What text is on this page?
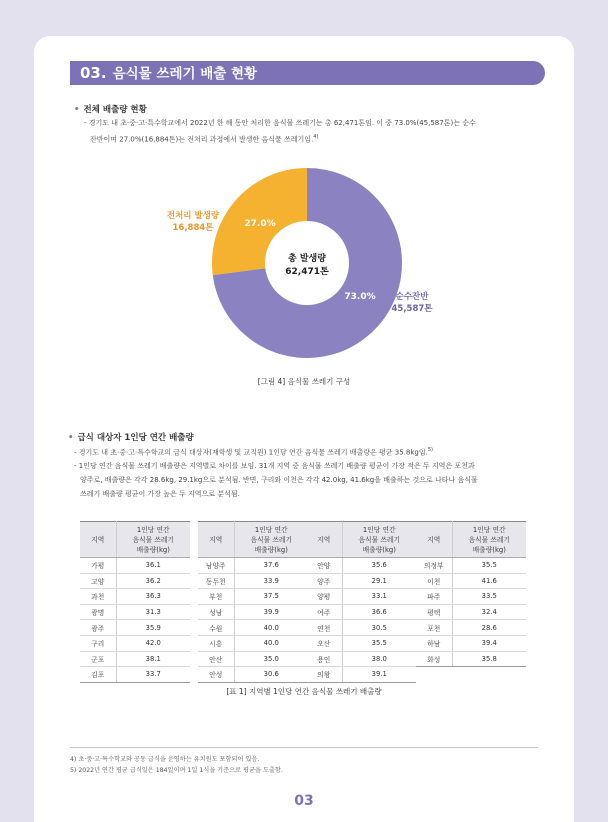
03. 음식물 쓰레기 배출 현황
• 전체 배출량 현황
- 경기도 내 초·중·고·특수학교에서 2022년 한 해 동안 처리한 음식물 쓰레기는 총 62,471톤임. 이 중 73.0%(45,587톤)는 순수
잔반이며 27.0%(16,884톤)는 전처리 과정에서 발생한 음식물 쓰레기임.$^{4)}$
총 발생량
62,471톤
73.0%
27.0%
전처리 발생량
16,884톤
순수잔반
45,587톤
[그림 4] 음식물 쓰레기 구성
• 급식 대상자 1인당 연간 배출량
- 경기도 내 초·중·고·특수학교의 급식 대상자(재학생 및 교직원) 1인당 연간 음식물 쓰레기 배출량은 평균 35.8kg임.$^{5)}$
- 1인당 연간 음식물 쓰레기 배출량은 지역별로 차이를 보임. 31개 지역 중 음식물 쓰레기 배출량 평균이 가장 적은 두 지역은 포천과
양주로, 배출량은 각각 28.6kg, 29.1kg으로 분석됨. 반면, 구리와 이천은 각각 42.0kg, 41.6kg을 배출하는 것으로 나타나 음식물
쓰레기 배출량 평균이 가장 높은 두 지역으로 분석됨.
지역	1인당 연간
음식물 쓰레기
배출량(kg)

가평	36.1
고양	36.2
과천	36.3
광명	31.3
광주	35.9
구리	42.0
군포	38.1
김포	33.7
지역	1인당 연간
음식물 쓰레기
배출량(kg)

남양주	37.6
동두천	33.9
부천	37.5
성남	39.9
수원	40.0
시흥	40.0
안산	35.0
안성	30.6
지역	1인당 연간
음식물 쓰레기
배출량(kg)

안양	35.6
양주	29.1
양평	33.1
여주	36.6
연천	30.5
오산	35.5
용인	38.0
의왕	39.1
지역	1인당 연간
음식물 쓰레기
배출량(kg)

의정부	35.5
이천	41.6
파주	33.5
평택	32.4
포천	28.6
하남	39.4
화성	35.8
[표 1] 지역별 1인당 연간 음식물 쓰레기 배출량
4) 초·중·고·특수학교와 공동 급식을 운영하는 유치원도 포함되어 있음.
5) 2022년 연간 평균 급식일은 184일이며 1일 1식을 기준으로 평균을 도출함.
03
